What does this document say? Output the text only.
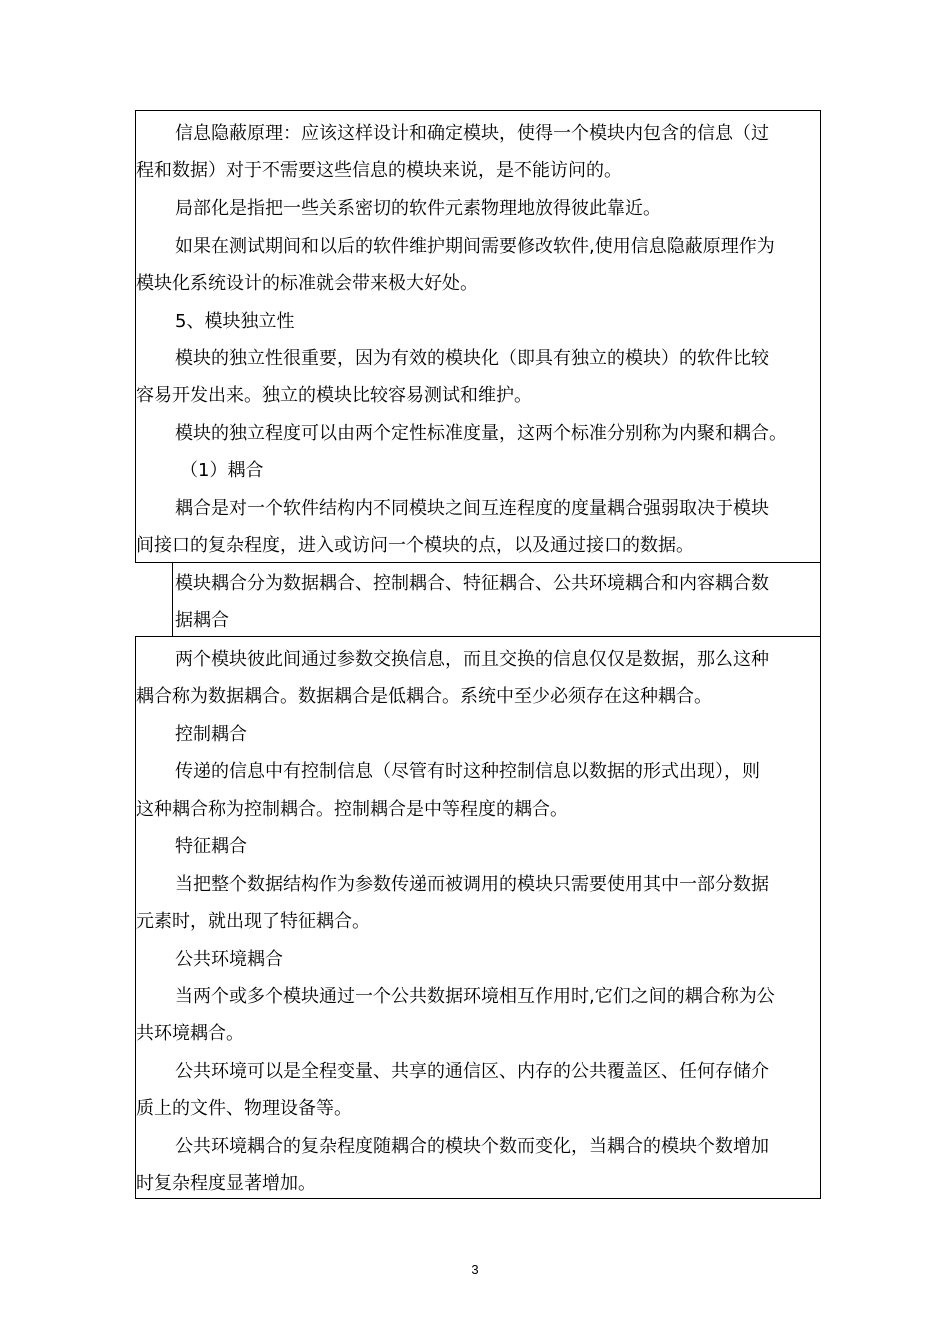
信息隐蔽原理：应该这样设计和确定模块，使得一个模块内包含的信息（过

程和数据）对于不需要这些信息的模块来说，是不能访问的。

局部化是指把一些关系密切的软件元素物理地放得彼此靠近。

如果在测试期间和以后的软件维护期间需要修改软件,使用信息隐蔽原理作为

模块化系统设计的标准就会带来极大好处。

5、模块独立性

模块的独立性很重要，因为有效的模块化（即具有独立的模块）的软件比较

容易开发出来。独立的模块比较容易测试和维护。

模块的独立程度可以由两个定性标准度量，这两个标准分别称为内聚和耦合。

（1）耦合

耦合是对一个软件结构内不同模块之间互连程度的度量耦合强弱取决于模块

间接口的复杂程度，进入或访问一个模块的点，以及通过接口的数据。

模块耦合分为数据耦合、控制耦合、特征耦合、公共环境耦合和内容耦合数

据耦合

两个模块彼此间通过参数交换信息，而且交换的信息仅仅是数据，那么这种

耦合称为数据耦合。数据耦合是低耦合。系统中至少必须存在这种耦合。

控制耦合

传递的信息中有控制信息（尽管有时这种控制信息以数据的形式出现），则

这种耦合称为控制耦合。控制耦合是中等程度的耦合。

特征耦合

当把整个数据结构作为参数传递而被调用的模块只需要使用其中一部分数据

元素时，就出现了特征耦合。

公共环境耦合

当两个或多个模块通过一个公共数据环境相互作用时,它们之间的耦合称为公

共环境耦合。

公共环境可以是全程变量、共享的通信区、内存的公共覆盖区、任何存储介

质上的文件、物理设备等。

公共环境耦合的复杂程度随耦合的模块个数而变化，当耦合的模块个数增加

时复杂程度显著增加。

3
